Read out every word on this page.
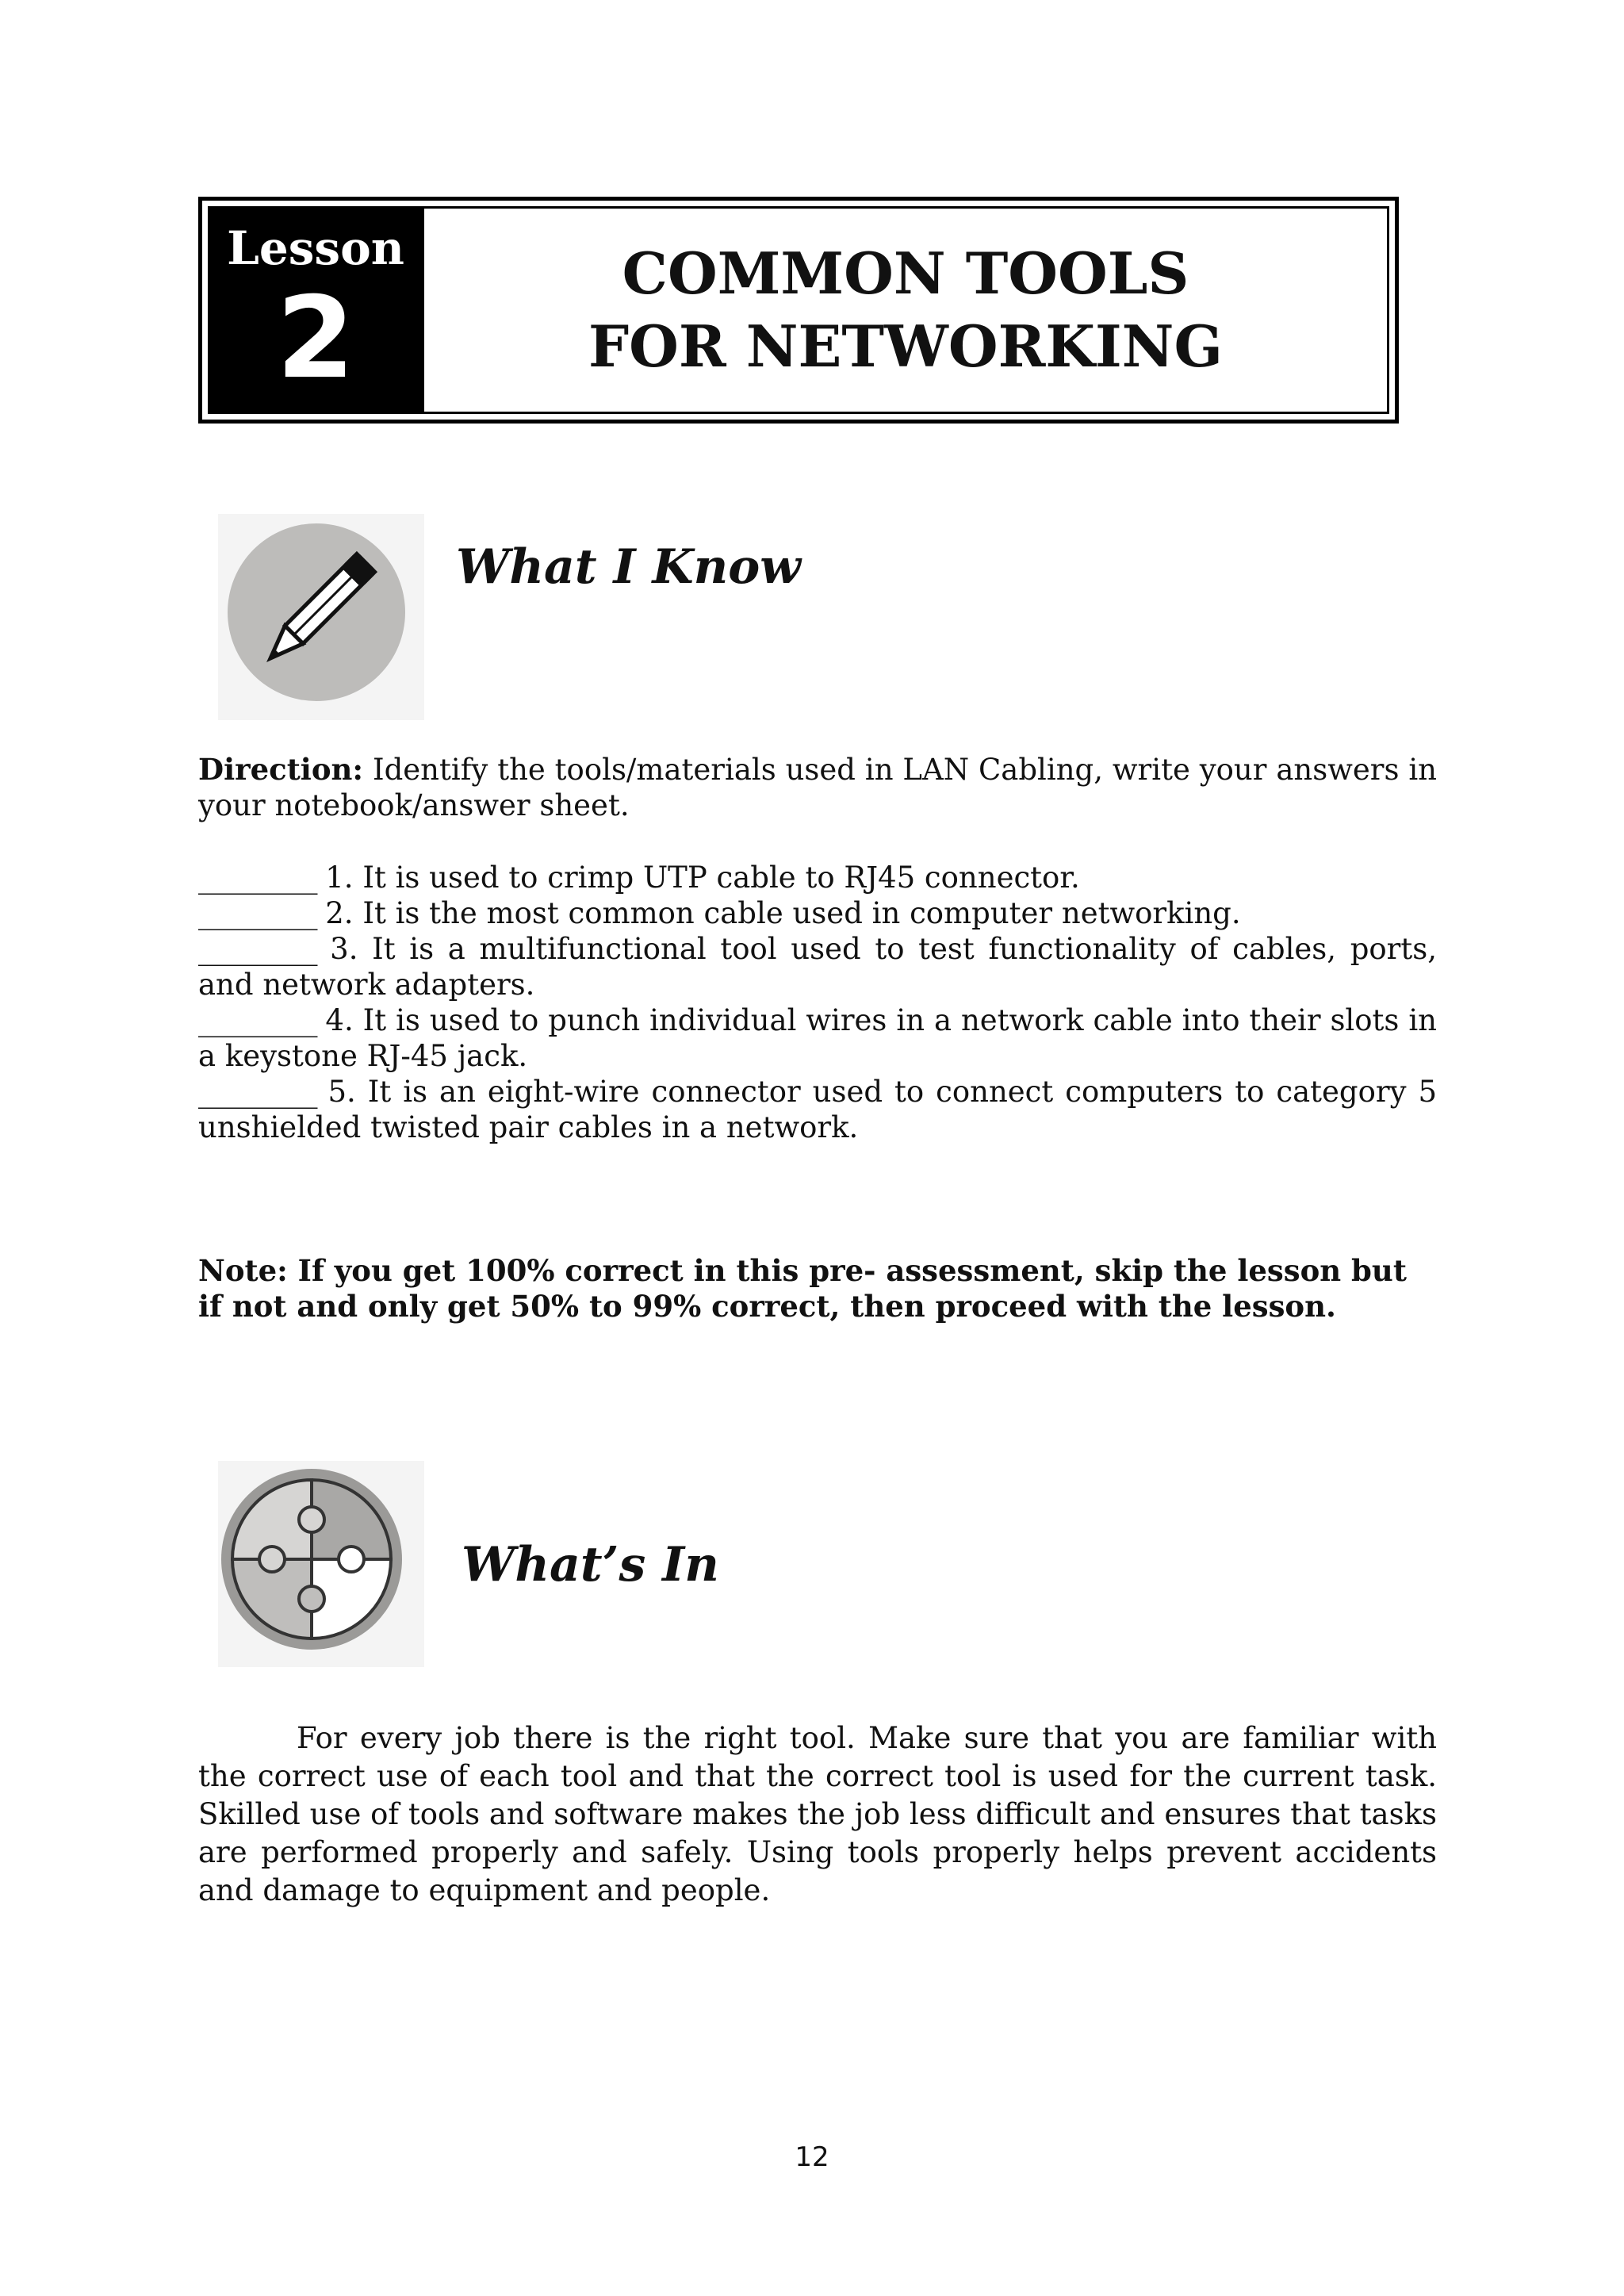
Lesson
2	COMMON TOOLS FOR NETWORKING
What I Know
Direction: Identify the tools/materials used in LAN Cabling, write your answers in your notebook/answer sheet.
_________ 1. It is used to crimp UTP cable to RJ45 connector.
_________ 2. It is the most common cable used in computer networking.
_________ 3. It is a multifunctional tool used to test functionality of cables, ports, and network adapters.
_________ 4. It is used to punch individual wires in a network cable into their slots in a keystone RJ-45 jack.
_________ 5. It is an eight-wire connector used to connect computers to category 5 unshielded twisted pair cables in a network.
Note: If you get 100% correct in this pre- assessment, skip the lesson but if not and only get 50% to 99% correct, then proceed with the lesson.
What’s In
For every job there is the right tool. Make sure that you are familiar with the correct use of each tool and that the correct tool is used for the current task. Skilled use of tools and software makes the job less difficult and ensures that tasks are performed properly and safely. Using tools properly helps prevent accidents and damage to equipment and people.
12
